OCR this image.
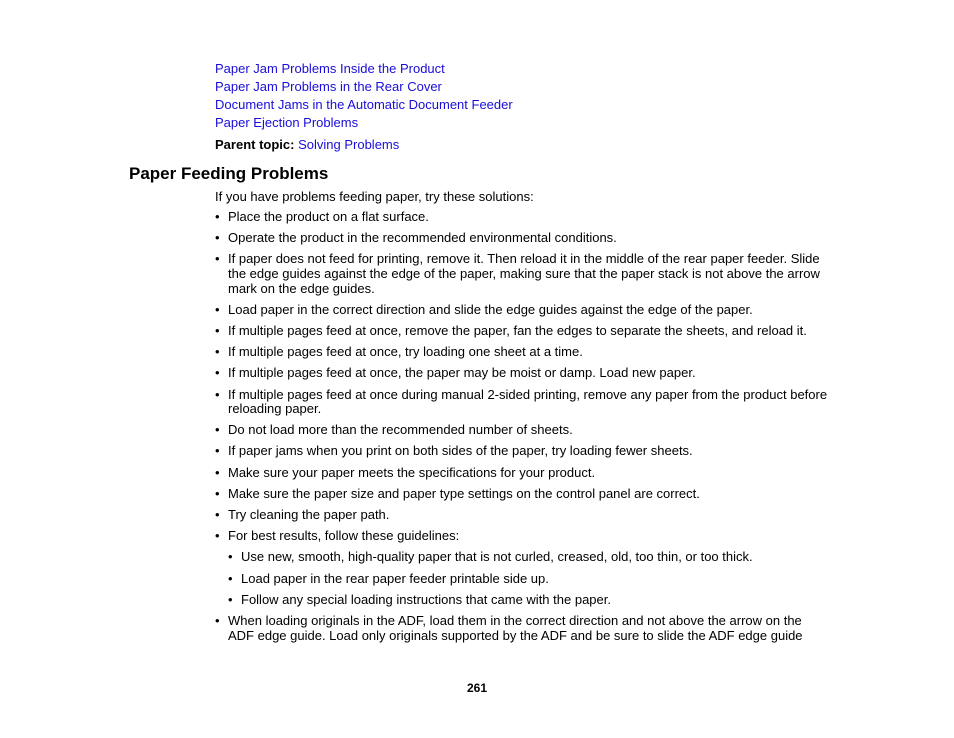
Paper Jam Problems Inside the Product
Paper Jam Problems in the Rear Cover
Document Jams in the Automatic Document Feeder
Paper Ejection Problems
Parent topic: Solving Problems
Paper Feeding Problems

If you have problems feeding paper, try these solutions:

• Place the product on a flat surface.
• Operate the product in the recommended environmental conditions.
• If paper does not feed for printing, remove it. Then reload it in the middle of the rear paper feeder. Slide the edge guides against the edge of the paper, making sure that the paper stack is not above the arrow mark on the edge guides.
• Load paper in the correct direction and slide the edge guides against the edge of the paper.
• If multiple pages feed at once, remove the paper, fan the edges to separate the sheets, and reload it.
• If multiple pages feed at once, try loading one sheet at a time.
• If multiple pages feed at once, the paper may be moist or damp. Load new paper.
• If multiple pages feed at once during manual 2-sided printing, remove any paper from the product before reloading paper.
• Do not load more than the recommended number of sheets.
• If paper jams when you print on both sides of the paper, try loading fewer sheets.
• Make sure your paper meets the specifications for your product.
• Make sure the paper size and paper type settings on the control panel are correct.
• Try cleaning the paper path.
• For best results, follow these guidelines:
• Use new, smooth, high-quality paper that is not curled, creased, old, too thin, or too thick.
• Load paper in the rear paper feeder printable side up.
• Follow any special loading instructions that came with the paper.
• When loading originals in the ADF, load them in the correct direction and not above the arrow on the ADF edge guide. Load only originals supported by the ADF and be sure to slide the ADF edge guide
261
